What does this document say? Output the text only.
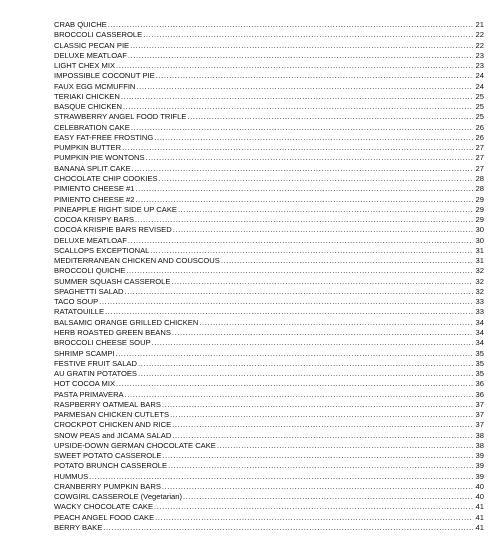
CRAB QUICHE .....	21
BROCCOLI CASSEROLE .....	22
CLASSIC PECAN PIE .....	22
DELUXE MEATLOAF .....	23
LIGHT CHEX MIX .....	23
IMPOSSIBLE COCONUT PIE .....	24
FAUX EGG MCMUFFIN .....	24
TERIAKI CHICKEN .....	25
BASQUE CHICKEN .....	25
STRAWBERRY ANGEL FOOD TRIFLE .....	25
CELEBRATION CAKE .....	26
EASY FAT-FREE FROSTING .....	26
PUMPKIN BUTTER .....	27
PUMPKIN PIE WONTONS .....	27
BANANA SPLIT CAKE .....	27
CHOCOLATE CHIP COOKIES .....	28
PIMIENTO CHEESE #1 .....	28
PIMIENTO CHEESE #2 .....	29
PINEAPPLE RIGHT SIDE UP CAKE .....	29
COCOA KRISPY BARS .....	29
COCOA KRISPIE BARS REVISED .....	30
DELUXE MEATLOAF .....	30
SCALLOPS EXCEPTIONAL .....	31
MEDITERRANEAN CHICKEN AND COUSCOUS .....	31
BROCCOLI QUICHE .....	32
SUMMER SQUASH CASSEROLE .....	32
SPAGHETTI SALAD .....	32
TACO SOUP .....	33
RATATOUILLE .....	33
BALSAMIC ORANGE GRILLED CHICKEN .....	34
HERB ROASTED GREEN BEANS .....	34
BROCCOLI CHEESE SOUP .....	34
SHRIMP SCAMPI .....	35
FESTIVE FRUIT SALAD .....	35
AU GRATIN POTATOES .....	35
HOT COCOA MIX .....	36
PASTA PRIMAVERA .....	36
RASPBERRY OATMEAL BARS .....	37
PARMESAN CHICKEN CUTLETS .....	37
CROCKPOT CHICKEN AND RICE .....	37
SNOW PEAS and JICAMA SALAD .....	38
UPSIDE-DOWN GERMAN CHOCOLATE CAKE .....	38
SWEET POTATO CASSEROLE .....	39
POTATO BRUNCH CASSEROLE .....	39
HUMMUS .....	39
CRANBERRY PUMPKIN BARS .....	40
COWGIRL CASSEROLE (Vegetarian) .....	40
WACKY CHOCOLATE CAKE .....	41
PEACH ANGEL FOOD CAKE .....	41
BERRY BAKE .....	41
